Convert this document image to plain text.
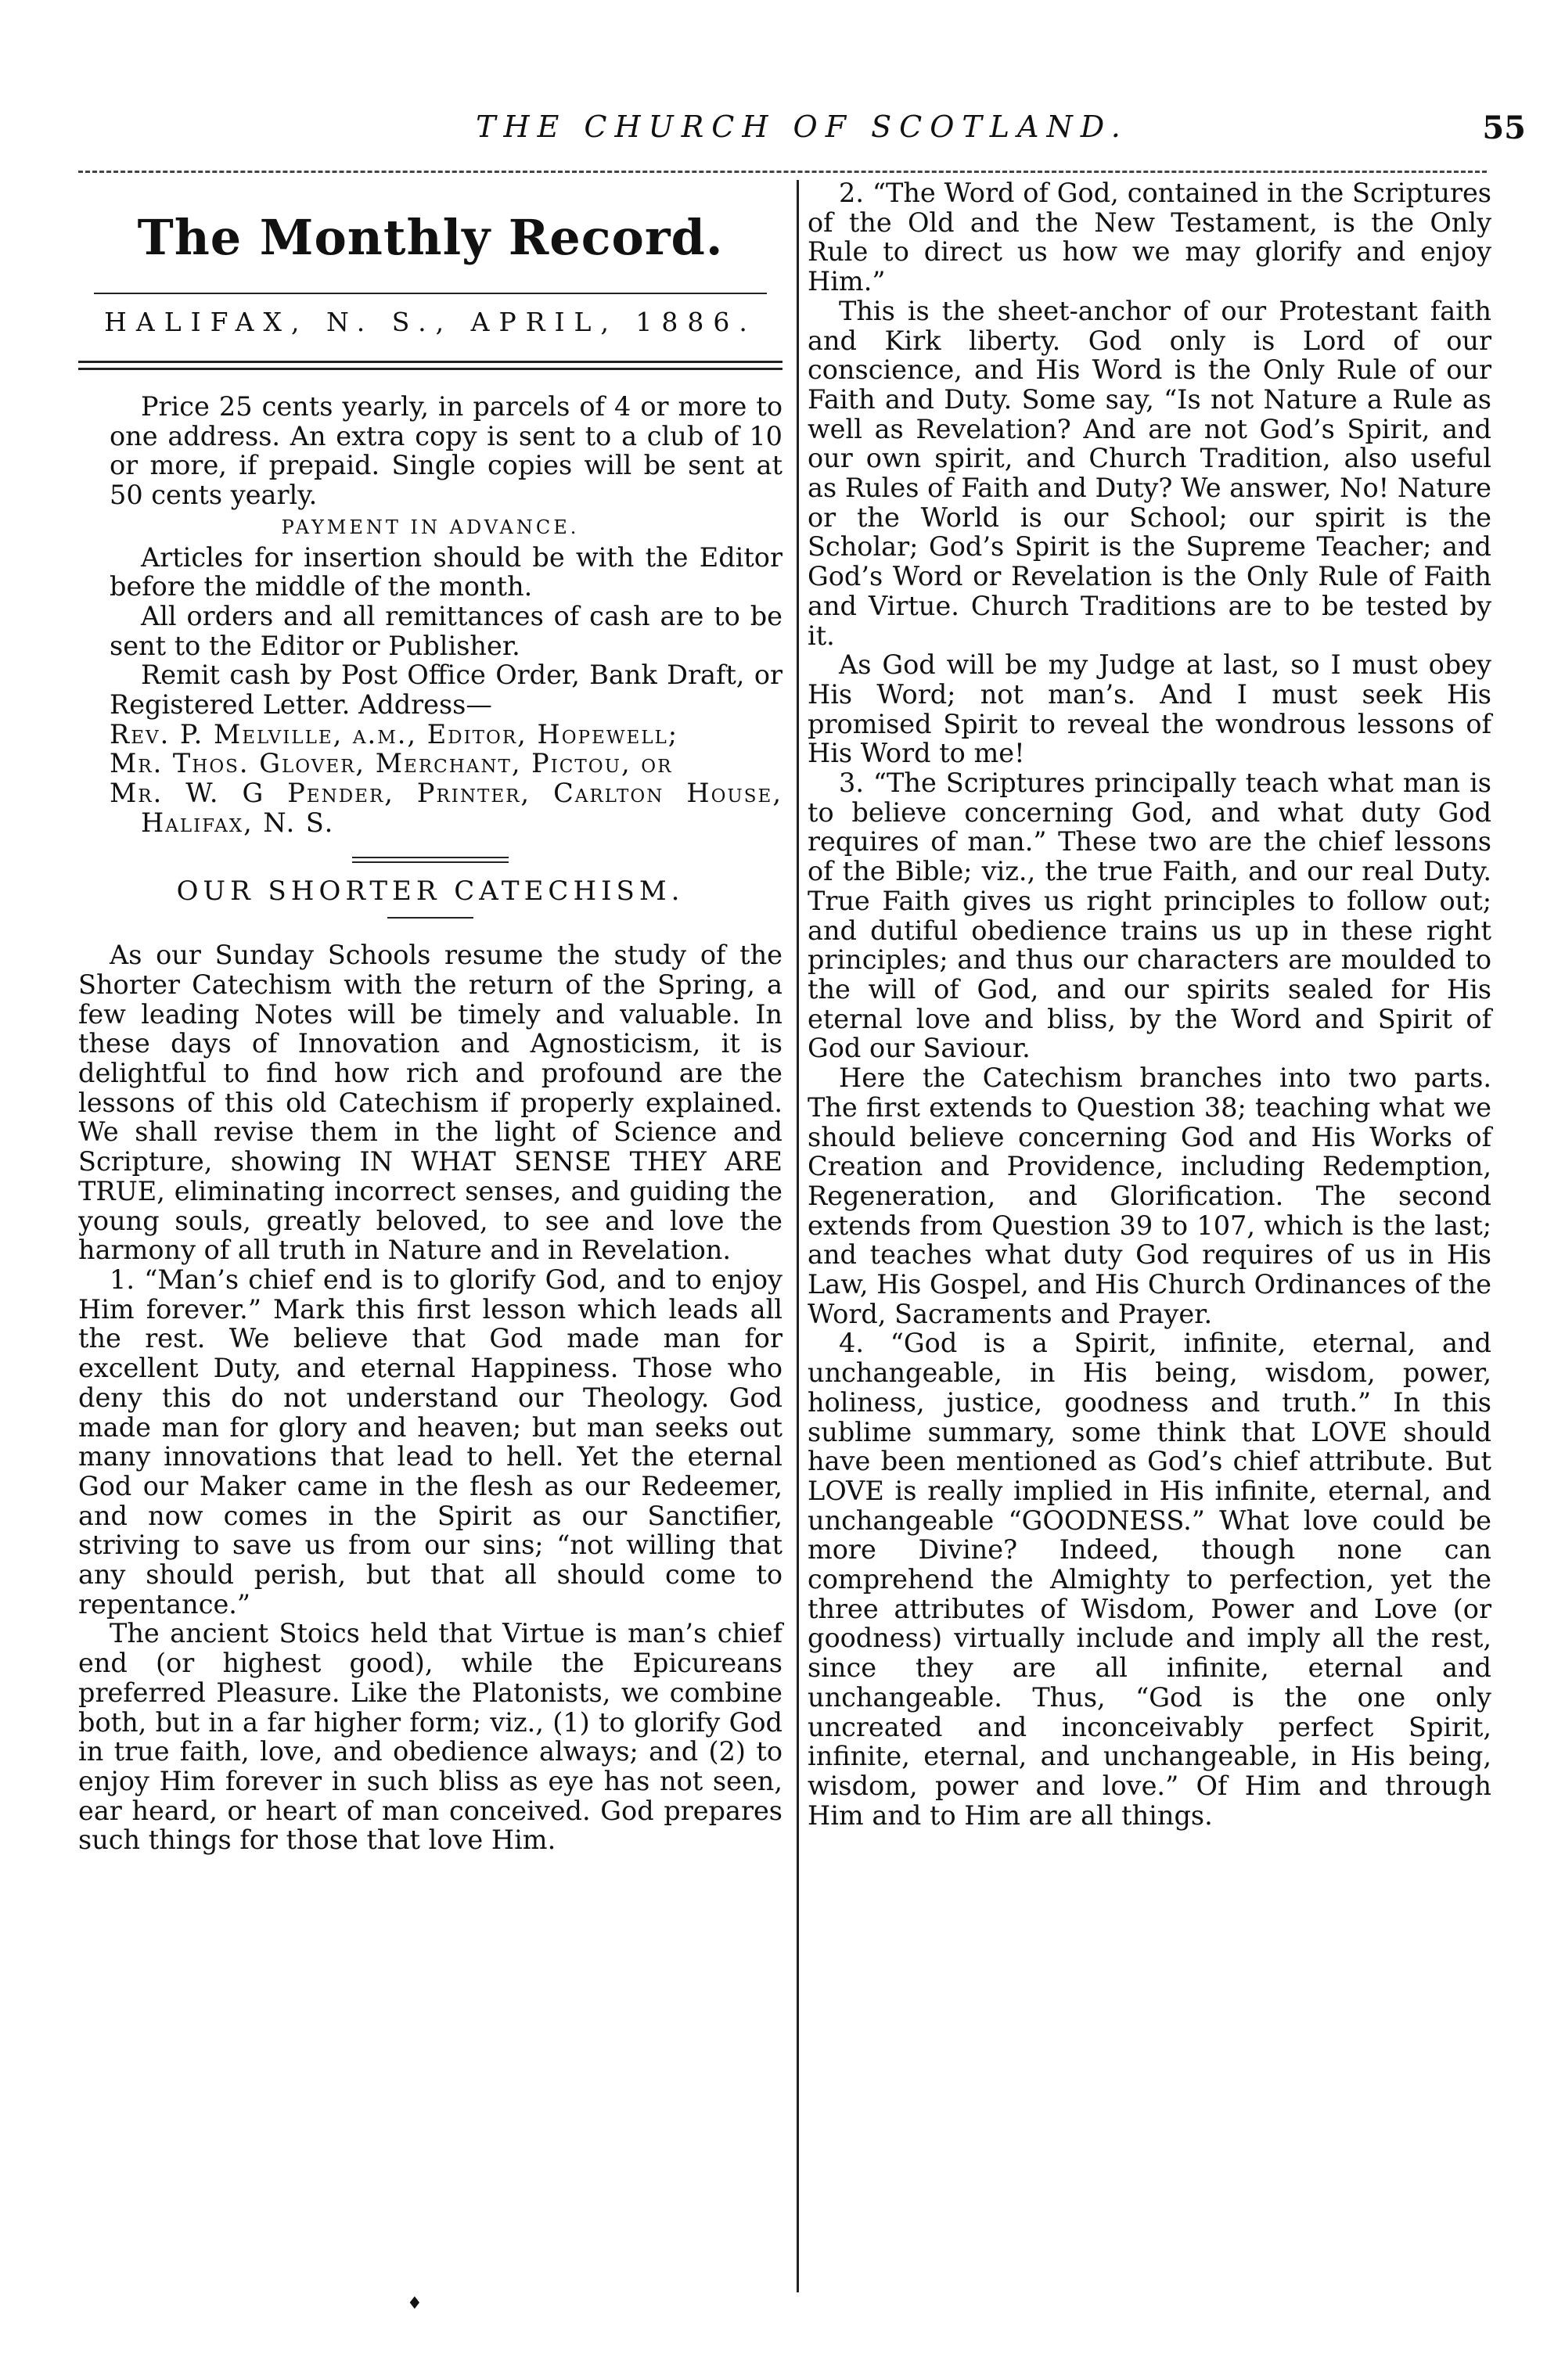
THE CHURCH OF SCOTLAND.	55
The Monthly Record.
HALIFAX, N. S., APRIL, 1886.

Price 25 cents yearly, in parcels of 4 or more to one address. An extra copy is sent to a club of 10 or more, if prepaid. Single copies will be sent at 50 cents yearly.

PAYMENT IN ADVANCE.

Articles for insertion should be with the Editor before the middle of the month.

All orders and all remittances of cash are to be sent to the Editor or Publisher.

Remit cash by Post Office Order, Bank Draft, or Registered Letter. Address—

Rev. P. Melville, a.m., Editor, Hopewell;
Mr. Thos. Glover, Merchant, Pictou, or
Mr. W. G Pender, Printer, Carlton House, Halifax, N. S.
OUR SHORTER CATECHISM.

As our Sunday Schools resume the study of the Shorter Catechism with the return of the Spring, a few leading Notes will be timely and valuable. In these days of Innovation and Agnosticism, it is delightful to find how rich and profound are the lessons of this old Catechism if properly explained. We shall revise them in the light of Science and Scripture, showing IN WHAT SENSE THEY ARE TRUE, eliminating incorrect senses, and guiding the young souls, greatly beloved, to see and love the harmony of all truth in Nature and in Revelation.

1. “Man’s chief end is to glorify God, and to enjoy Him forever.” Mark this first lesson which leads all the rest. We believe that God made man for excellent Duty, and eternal Happiness. Those who deny this do not understand our Theology. God made man for glory and heaven; but man seeks out many innovations that lead to hell. Yet the eternal God our Maker came in the flesh as our Redeemer, and now comes in the Spirit as our Sanctifier, striving to save us from our sins; “not willing that any should perish, but that all should come to repentance.”

The ancient Stoics held that Virtue is man’s chief end (or highest good), while the Epicureans preferred Pleasure. Like the Platonists, we combine both, but in a far higher form; viz., (1) to glorify God in true faith, love, and obedience always; and (2) to enjoy Him forever in such bliss as eye has not seen, ear heard, or heart of man conceived. God prepares such things for those that love Him.

2. “The Word of God, contained in the Scriptures of the Old and the New Testament, is the Only Rule to direct us how we may glorify and enjoy Him.”

This is the sheet-anchor of our Protestant faith and Kirk liberty. God only is Lord of our conscience, and His Word is the Only Rule of our Faith and Duty. Some say, “Is not Nature a Rule as well as Revelation? And are not God’s Spirit, and our own spirit, and Church Tradition, also useful as Rules of Faith and Duty? We answer, No! Nature or the World is our School; our spirit is the Scholar; God’s Spirit is the Supreme Teacher; and God’s Word or Revelation is the Only Rule of Faith and Virtue. Church Traditions are to be tested by it.

As God will be my Judge at last, so I must obey His Word; not man’s. And I must seek His promised Spirit to reveal the wondrous lessons of His Word to me!

3. “The Scriptures principally teach what man is to believe concerning God, and what duty God requires of man.” These two are the chief lessons of the Bible; viz., the true Faith, and our real Duty. True Faith gives us right principles to follow out; and dutiful obedience trains us up in these right principles; and thus our characters are moulded to the will of God, and our spirits sealed for His eternal love and bliss, by the Word and Spirit of God our Saviour.

Here the Catechism branches into two parts. The first extends to Question 38; teaching what we should believe concerning God and His Works of Creation and Providence, including Redemption, Regeneration, and Glorification. The second extends from Question 39 to 107, which is the last; and teaches what duty God requires of us in His Law, His Gospel, and His Church Ordinances of the Word, Sacraments and Prayer.

4. “God is a Spirit, infinite, eternal, and unchangeable, in His being, wisdom, power, holiness, justice, goodness and truth.” In this sublime summary, some think that LOVE should have been mentioned as God’s chief attribute. But LOVE is really implied in His infinite, eternal, and unchangeable “GOODNESS.” What love could be more Divine? Indeed, though none can comprehend the Almighty to perfection, yet the three attributes of Wisdom, Power and Love (or goodness) virtually include and imply all the rest, since they are all infinite, eternal and unchangeable. Thus, “God is the one only uncreated and inconceivably perfect Spirit, infinite, eternal, and unchangeable, in His being, wisdom, power and love.” Of Him and through Him and to Him are all things.

♦
